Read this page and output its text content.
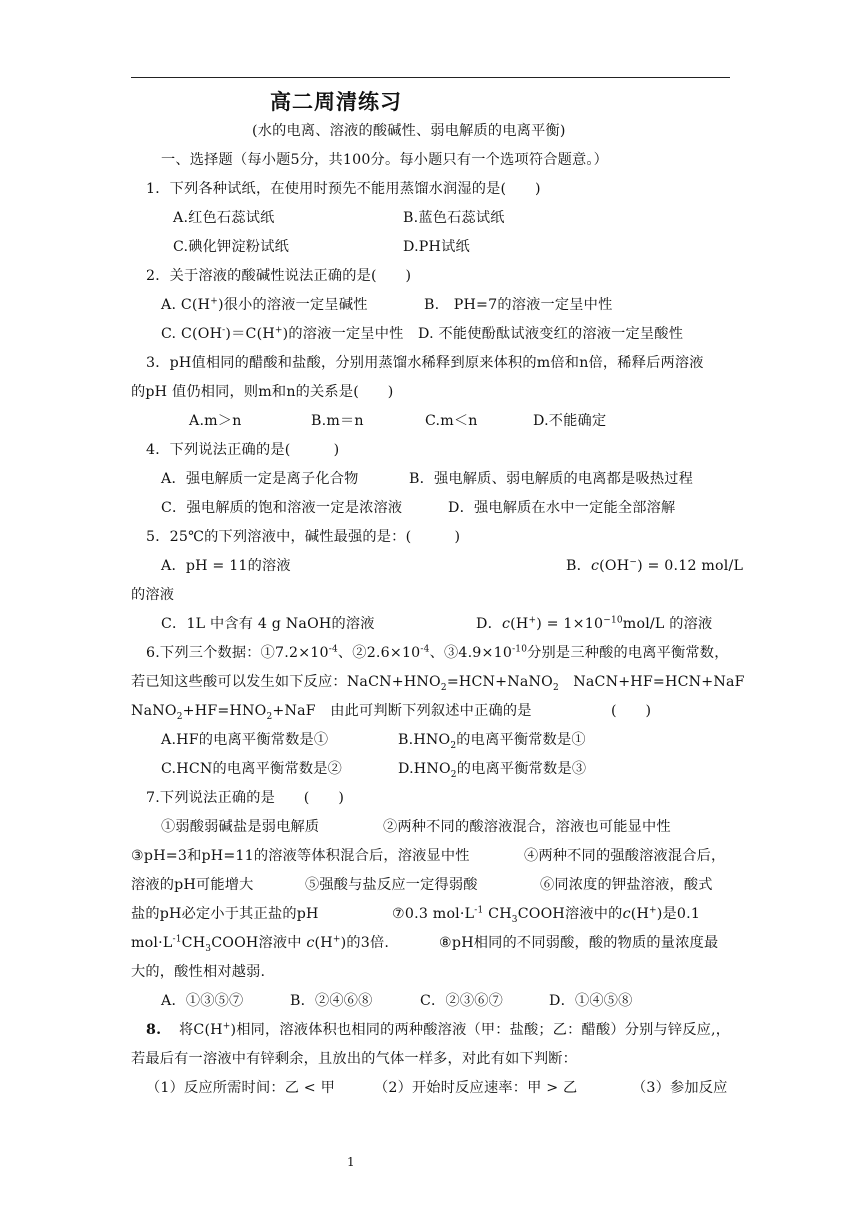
高二周清练习
(水的电离、溶液的酸碱性、弱电解质的电离平衡)
一、选择题（每小题5分，共100分。每小题只有一个选项符合题意。）
1．下列各种试纸，在使用时预先不能用蒸馏水润湿的是(　　)
A.红色石蕊试纸	B.蓝色石蕊试纸
C.碘化钾淀粉试纸	D.PH试纸
2．关于溶液的酸碱性说法正确的是(　　)
A. C(H+)很小的溶液一定呈碱性	B.　PH=7的溶液一定呈中性
C. C(OH-)＝C(H+)的溶液一定呈中性 D. 不能使酚酞试液变红的溶液一定呈酸性
3．pH值相同的醋酸和盐酸，分别用蒸馏水稀释到原来体积的m倍和n倍，稀释后两溶液
的pH 值仍相同，则m和n的关系是(　　)
A.m＞n	B.m＝n	C.m＜n	D.不能确定
4．下列说法正确的是(　　　)
A．强电解质一定是离子化合物	B．强电解质、弱电解质的电离都是吸热过程
C．强电解质的饱和溶液一定是浓溶液	D．强电解质在水中一定能全部溶解
5．25℃的下列溶液中，碱性最强的是：(　　　)
A．pH = 11的溶液	B．c(OH−) = 0.12 mol/L
的溶液
C．1L 中含有 4 g NaOH的溶液	D．$c(H^+) = 1\times 10^{-10}mol/L$ 的溶液
6.下列三个数据：$①7.2\times 10^{-4}$、$②2.6\times 10^{-4}$、$③4.9\times 10^{-10}$分别是三种酸的电离平衡常数，
若已知这些酸可以发生如下反应：$NaCN+HNO_2=HCN+NaNO_2$　NaCN+HF=HCN+NaF
$NaNO_2+HF=HNO_2+NaF$　由此可判断下列叙述中正确的是	(　　)
A.HF的电离平衡常数是①	$B.HNO_2$的电离平衡常数是①
C.HCN的电离平衡常数是②	$D.HNO_2$的电离平衡常数是③
7.下列说法正确的是　　(　　)
①弱酸弱碱盐是弱电解质	②两种不同的酸溶液混合，溶液也可能显中性
③pH=3和pH=11的溶液等体积混合后，溶液显中性	④两种不同的强酸溶液混合后，
溶液的pH可能增大	⑤强酸与盐反应一定得弱酸	⑥同浓度的钾盐溶液，酸式
盐的pH必定小于其正盐的pH	⑦0.3 $mol\cdot L^{-1}$ $CH_3COOH$溶液中的c(H+)是0.1
$mol\cdot L^{-1}CH_3COOH$溶液中 c(H+)的3倍.	⑧pH相同的不同弱酸，酸的物质的量浓度最
大的，酸性相对越弱.
A．①③⑤⑦	B．②④⑥⑧	C．②③⑥⑦	D．①④⑤⑧
8. 将C(H+)相同，溶液体积也相同的两种酸溶液（甲：盐酸；乙：醋酸）分别与锌反应,，
若最后有一溶液中有锌剩余，且放出的气体一样多，对此有如下判断：
（1）反应所需时间：乙 < 甲	（2）开始时反应速率：甲 > 乙	（3）参加反应
1
